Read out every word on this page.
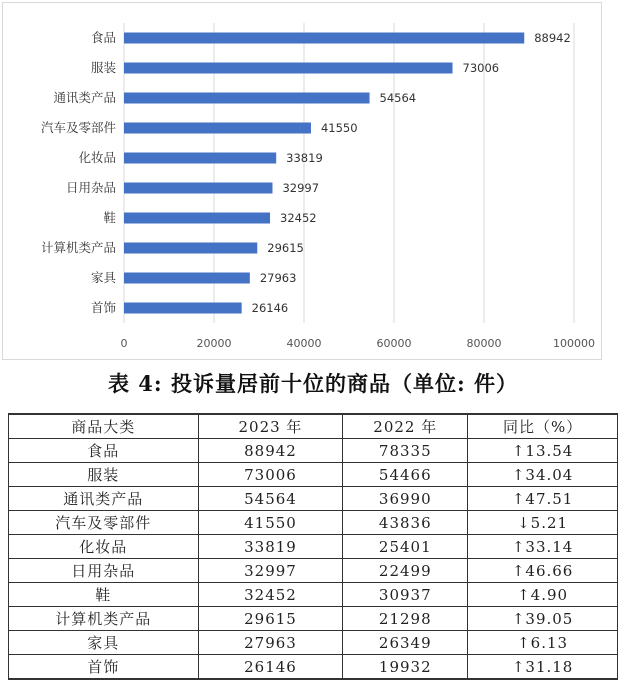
0	20000	40000	60000	80000	100000
食品	88942
服装	73006
通讯类产品	54564
汽车及零部件	41550
化妆品	33819
日用杂品	32997
鞋	32452
计算机类产品	29615
家具	27963
首饰	26146
表 4: 投诉量居前十位的商品（单位: 件）
商品大类	2023 年	2022 年	同比（%）
食品	88942	78335	↑13.54
服装	73006	54466	↑34.04
通讯类产品	54564	36990	↑47.51
汽车及零部件	41550	43836	↓5.21
化妆品	33819	25401	↑33.14
日用杂品	32997	22499	↑46.66
鞋	32452	30937	↑4.90
计算机类产品	29615	21298	↑39.05
家具	27963	26349	↑6.13
首饰	26146	19932	↑31.18
